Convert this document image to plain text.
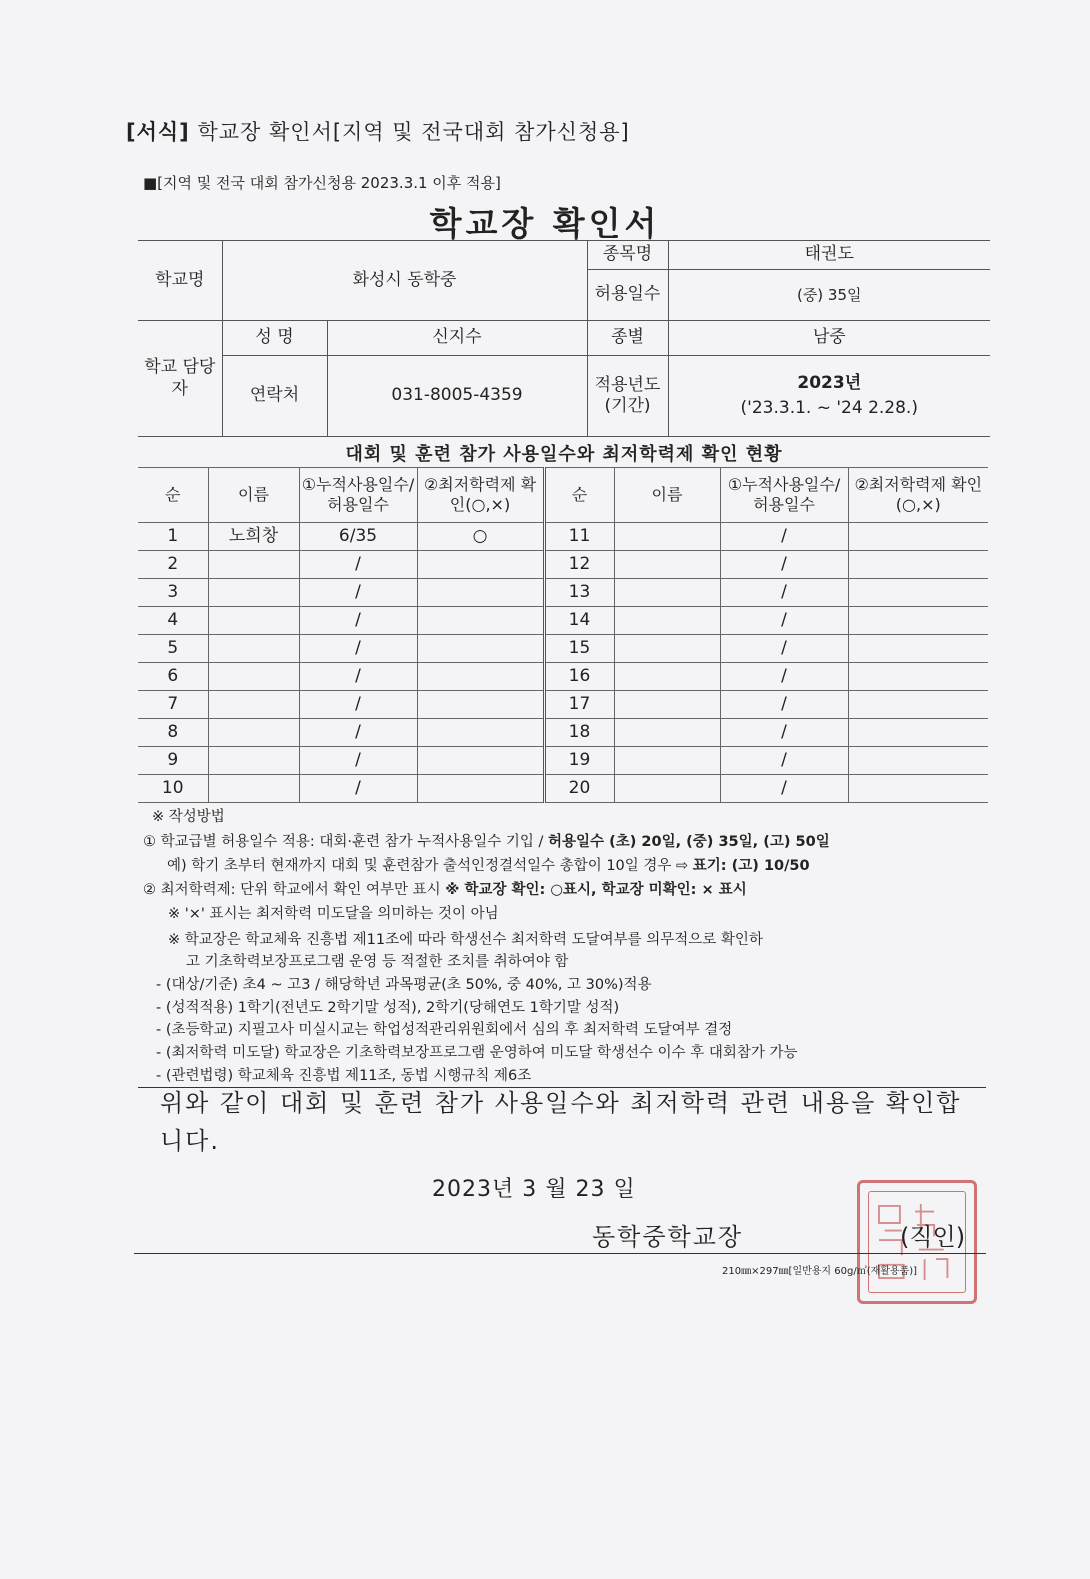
[서식] 학교장 확인서[지역 및 전국대회 참가신청용]
■[지역 및 전국 대회 참가신청용 2023.3.1 이후 적용]
학교장 확인서
학교명	화성시 동학중		종목명	태권도
			허용일수	(중) 35일
학교 담당자	성 명	신지수	종별	남중
	연락처	031-8005-4359	적용년도 (기간)	2023년
('23.3.1. ~ '24 2.28.)
대회 및 훈련 참가 사용일수와 최저학력제 확인 현황
순	이름	①누적사용일수/허용일수	②최저학력제 확인(○,×)	순	이름	①누적사용일수/허용일수	②최저학력제 확인(○,×)
1	노희창	6/35	○	11		/	
2		/		12		/	
3		/		13		/	
4		/		14		/	
5		/		15		/	
6		/		16		/	
7		/		17		/	
8		/		18		/	
9		/		19		/	
10		/		20		/	
※ 작성방법
① 학교급별 허용일수 적용: 대회·훈련 참가 누적사용일수 기입 / 허용일수 (초) 20일, (중) 35일, (고) 50일
예) 학기 초부터 현재까지 대회 및 훈련참가 출석인정결석일수 총합이 10일 경우 ⇨ 표기: (고) 10/50
② 최저학력제: 단위 학교에서 확인 여부만 표시 ※ 학교장 확인: ○표시, 학교장 미확인: × 표시
※ '×' 표시는 최저학력 미도달을 의미하는 것이 아님
※ 학교장은 학교체육 진흥법 제11조에 따라 학생선수 최저학력 도달여부를 의무적으로 확인하
고 기초학력보장프로그램 운영 등 적절한 조치를 취하여야 함
- (대상/기준) 초4 ~ 고3 / 해당학년 과목평균(초 50%, 중 40%, 고 30%)적용
- (성적적용) 1학기(전년도 2학기말 성적), 2학기(당해연도 1학기말 성적)
- (초등학교) 지필고사 미실시교는 학업성적관리위원회에서 심의 후 최저학력 도달여부 결정
- (최저학력 미도달) 학교장은 기초학력보장프로그램 운영하여 미도달 학생선수 이수 후 대회참가 가능
- (관련법령) 학교체육 진흥법 제11조, 동법 시행규칙 제6조
위와 같이 대회 및 훈련 참가 사용일수와 최저학력 관련 내용을 확인합니다.
2023년 3 월 23 일
동학중학교장	(직인)
210㎜×297㎜[일반용지 60g/㎡(재활용품)]
